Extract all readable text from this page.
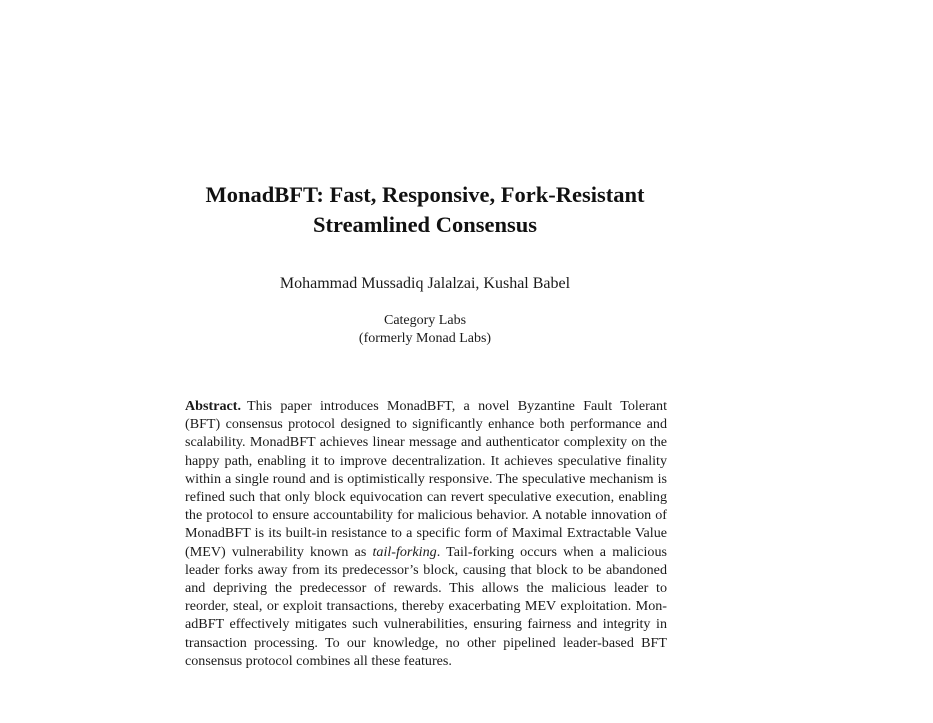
MonadBFT: Fast, Responsive, Fork-Resistant
Streamlined Consensus
Mohammad Mussadiq Jalalzai, Kushal Babel
Category Labs
(formerly Monad Labs)
Abstract. This paper introduces MonadBFT, a novel Byzantine Fault Tolerant (BFT) consensus protocol designed to significantly enhance both performance and scalability. MonadBFT achieves linear message and authenticator complexity on the happy path, enabling it to improve decentralization. It achieves speculative finality within a single round and is optimistically responsive. The speculative mechanism is refined such that only block equivocation can revert speculative execution, enabling the protocol to ensure accountability for malicious behavior. A notable innovation of MonadBFT is its built-in resistance to a specific form of Maximal Extractable Value (MEV) vulnerability known as tail-forking. Tail-forking occurs when a malicious leader forks away from its predecessor’s block, causing that block to be abandoned and depriving the predecessor of rewards. This allows the malicious leader to reorder, steal, or exploit transactions, thereby exacerbating MEV exploitation. MonadBFT effectively mitigates such vulnerabilities, ensuring fairness and integrity in transaction processing. To our knowledge, no other pipelined leader-based BFT consensus protocol combines all these features.
